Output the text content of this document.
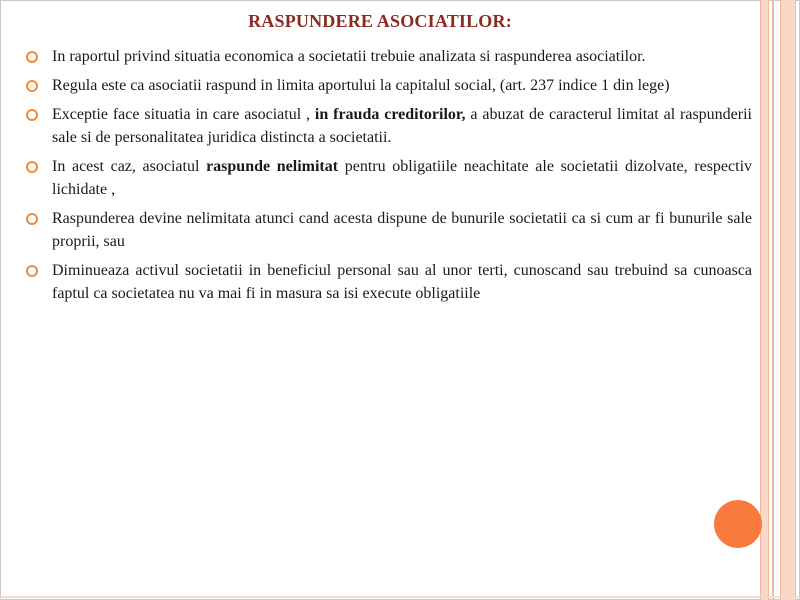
RASPUNDERE ASOCIATILOR:
In raportul privind situatia economica a societatii trebuie analizata si raspunderea asociatilor.
Regula este ca asociatii raspund in limita aportului la capitalul social, (art. 237 indice 1 din lege)
Exceptie face situatia in care asociatul , in frauda creditorilor, a abuzat de caracterul limitat al raspunderii sale si de personalitatea juridica distincta a societatii.
In acest caz, asociatul raspunde nelimitat pentru obligatiile neachitate ale societatii dizolvate, respectiv lichidate ,
Raspunderea devine nelimitata atunci cand acesta dispune de bunurile societatii ca si cum ar fi bunurile sale proprii, sau
Diminueaza activul societatii in beneficiul personal sau al unor terti, cunoscand sau trebuind sa cunoasca faptul ca societatea nu va mai fi in masura sa isi execute obligatiile
